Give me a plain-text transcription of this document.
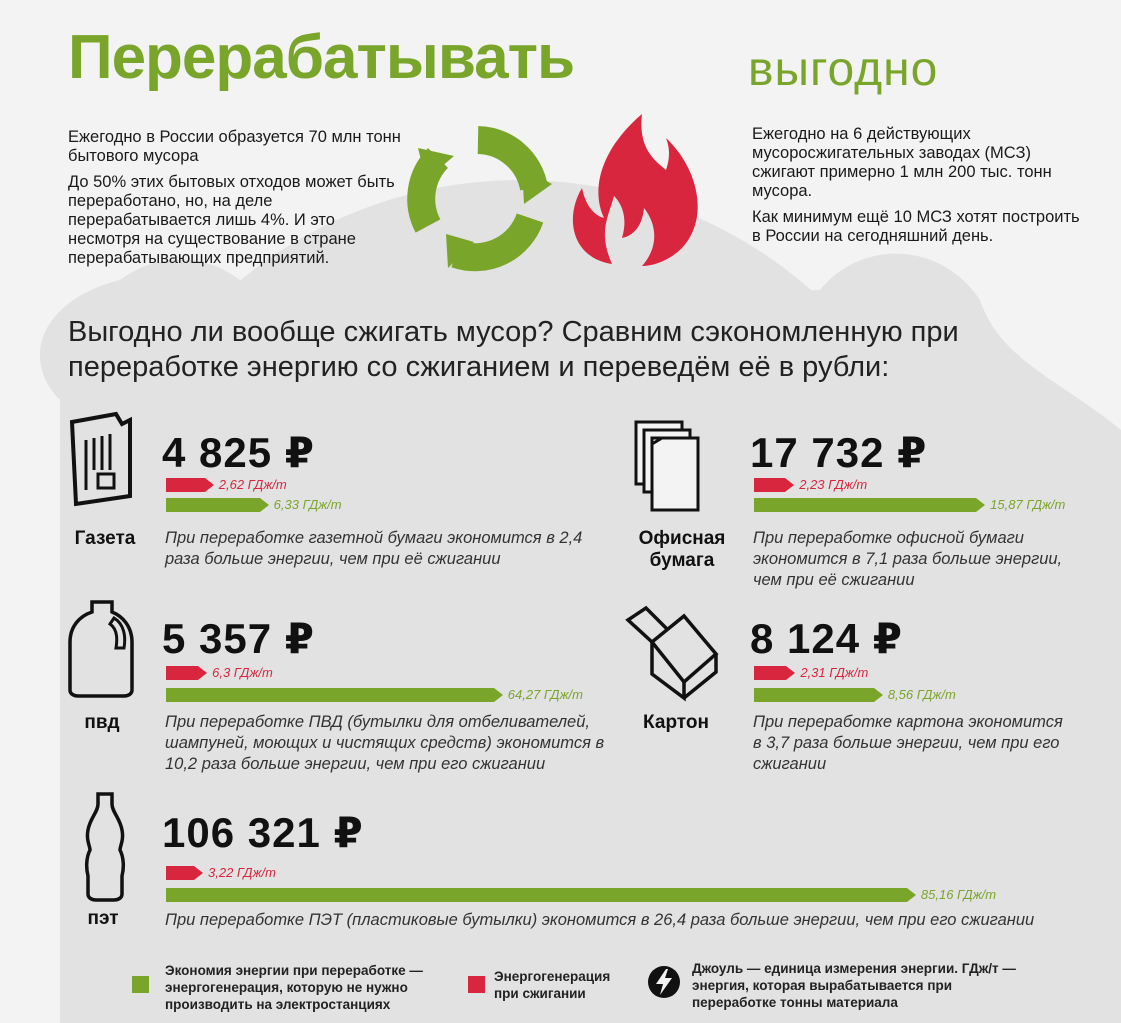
Перерабатывать	выгодно

Ежегодно в России образуется 70 млн тонн бытового мусора

До 50% этих бытовых отходов может быть переработано, но, на деле перерабатывается лишь 4%. И это несмотря на существование в стране перерабатывающих предприятий.

Ежегодно на 6 действующих мусоросжигательных заводах (МСЗ) сжигают примерно 1 млн 200 тыс. тонн мусора.

Как минимум ещё 10 МСЗ хотят построить в России на сегодняшний день.

Выгодно ли вообще сжигать мусор? Сравним сэкономленную при переработке энергию со сжиганием и переведём её в рубли:
Газета
4 825 ₽
2,62 ГДж/т
6,33 ГДж/т
При переработке газетной бумаги экономится в 2,4 раза больше энергии, чем при её сжигании
Офисная бумага
17 732 ₽
2,23 ГДж/т
15,87 ГДж/т
При переработке офисной бумаги экономится в 7,1 раза больше энергии, чем при её сжигании
пвд
5 357 ₽
6,3 ГДж/т
64,27 ГДж/т
При переработке ПВД (бутылки для отбеливателей, шампуней, моющих и чистящих средств) экономится в 10,2 раза больше энергии, чем при его сжигании
Картон
8 124 ₽
2,31 ГДж/т
8,56 ГДж/т
При переработке картона экономится в 3,7 раза больше энергии, чем при его сжигании
пэт
106 321 ₽
3,22 ГДж/т
85,16 ГДж/т
При переработке ПЭТ (пластиковые бутылки) экономится в 26,4 раза больше энергии, чем при его сжигании
Экономия энергии при переработке — энергогенерация, которую не нужно производить на электростанциях
Энергогенерация при сжигании
Джоуль — единица измерения энергии. ГДж/т — энергия, которая вырабатывается при переработке тонны материала
